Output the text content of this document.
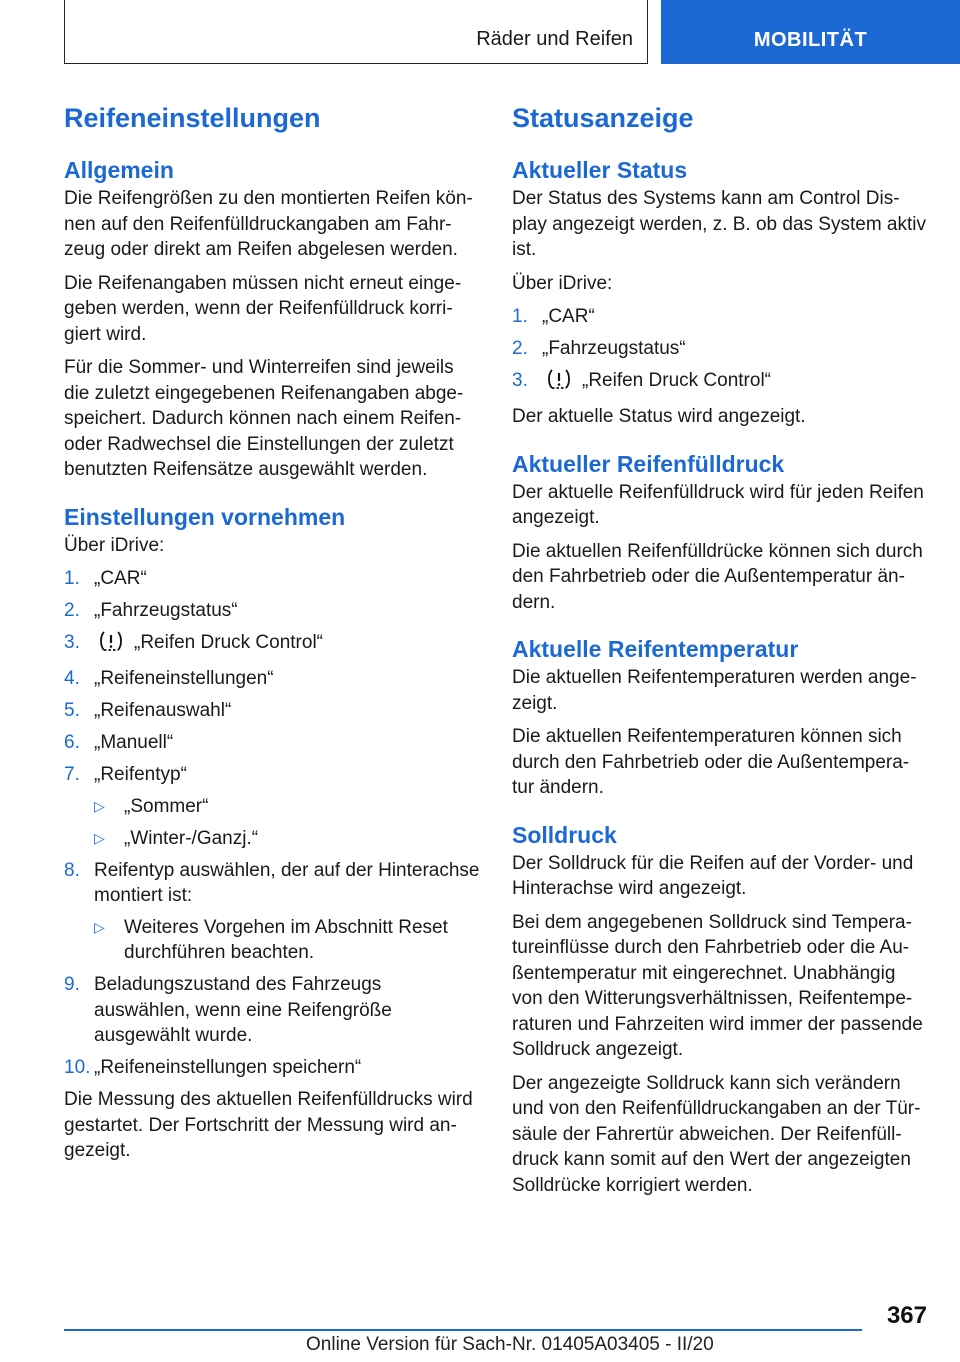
Räder und Reifen	MOBILITÄT
Reifeneinstellungen
Allgemein

Die Reifengrößen zu den montierten Reifen kön-nen auf den Reifenfülldruckangaben am Fahr-zeug oder direkt am Reifen abgelesen werden.

Die Reifenangaben müssen nicht erneut einge-geben werden, wenn der Reifenfülldruck korri-giert wird.

Für die Sommer- und Winterreifen sind jeweils die zuletzt eingegebenen Reifenangaben abge-speichert. Dadurch können nach einem Reifen- oder Radwechsel die Einstellungen der zuletzt benutzten Reifensätze ausgewählt werden.

Einstellungen vornehmen

Über iDrive:

1. „CAR“
2. „Fahrzeugstatus“
3.	„Reifen Druck Control“
4. „Reifeneinstellungen“
5. „Reifenauswahl“
6. „Manuell“
7. „Reifentyp“
▷ „Sommer“
▷ „Winter-/Ganzj.“
8. Reifentyp auswählen, der auf der Hinterachse montiert ist:
▷ Weiteres Vorgehen im Abschnitt Reset durchführen beachten.
9. Beladungszustand des Fahrzeugs auswählen, wenn eine Reifengröße ausgewählt wurde.
10. „Reifeneinstellungen speichern“

Die Messung des aktuellen Reifenfülldrucks wird gestartet. Der Fortschritt der Messung wird an-gezeigt.

Statusanzeige
Aktueller Status

Der Status des Systems kann am Control Dis-play angezeigt werden, z. B. ob das System aktiv ist.

Über iDrive:

1. „CAR“
2. „Fahrzeugstatus“
3.	„Reifen Druck Control“

Der aktuelle Status wird angezeigt.

Aktueller Reifenfülldruck

Der aktuelle Reifenfülldruck wird für jeden Reifen angezeigt.

Die aktuellen Reifenfülldrücke können sich durch den Fahrbetrieb oder die Außentemperatur än-dern.

Aktuelle Reifentemperatur

Die aktuellen Reifentemperaturen werden ange-zeigt.

Die aktuellen Reifentemperaturen können sich durch den Fahrbetrieb oder die Außentempera-tur ändern.

Solldruck

Der Solldruck für die Reifen auf der Vorder- und Hinterachse wird angezeigt.

Bei dem angegebenen Solldruck sind Tempera-tureinflüsse durch den Fahrbetrieb oder die Au-ßentemperatur mit eingerechnet. Unabhängig von den Witterungsverhältnissen, Reifentempe-raturen und Fahrzeiten wird immer der passende Solldruck angezeigt.

Der angezeigte Solldruck kann sich verändern und von den Reifenfülldruckangaben an der Tür-säule der Fahrertür abweichen. Der Reifenfüll-druck kann somit auf den Wert der angezeigten Solldrücke korrigiert werden.

367
Online Version für Sach-Nr. 01405A03405 - II/20
